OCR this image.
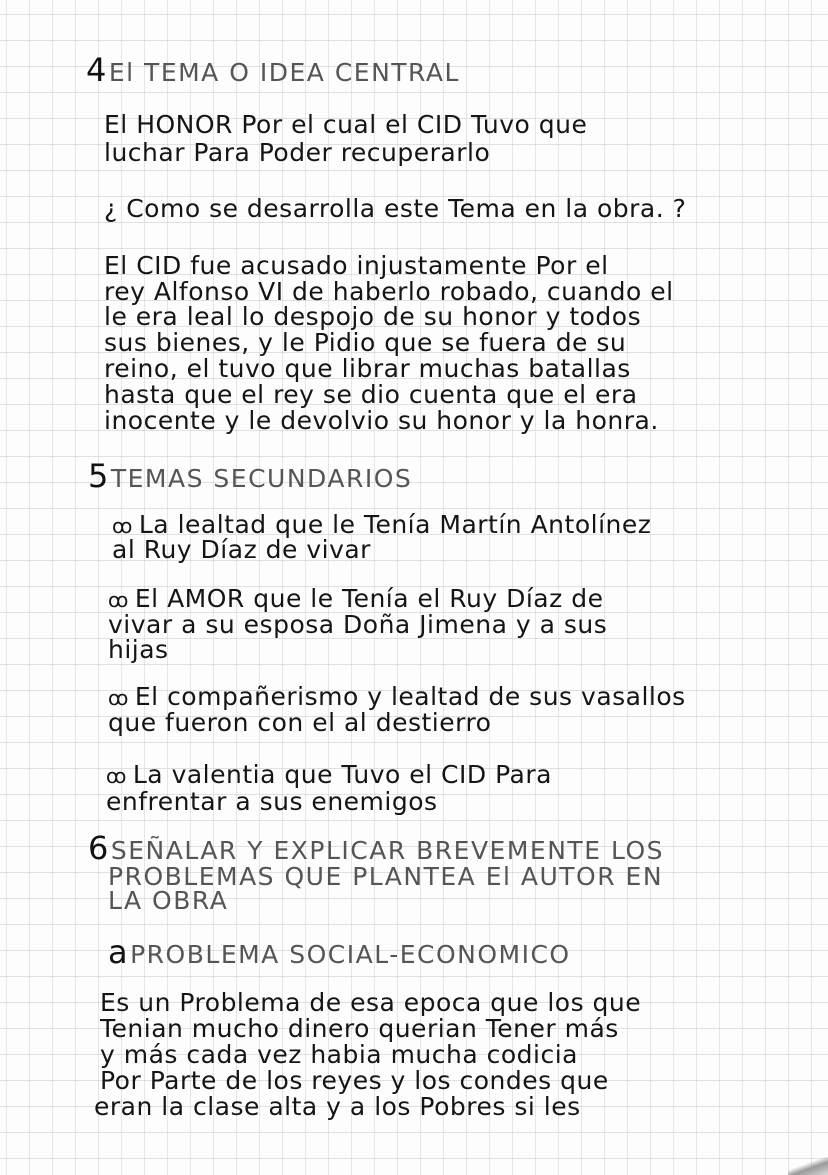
4El TEMA O IDEA CENTRAL
El HONOR Por el cual el CID Tuvo que
luchar Para Poder recuperarlo
¿ Como se desarrolla este Tema en la obra. ?
El CID fue acusado injustamente Por el
rey Alfonso VI de haberlo robado, cuando el
le era leal lo despojo de su honor y todos
sus bienes, y le Pidio que se fuera de su
reino, el tuvo que librar muchas batallas
hasta que el rey se dio cuenta que el era
inocente y le devolvio su honor y la honra.
5TEMAS SECUNDARIOS
ꝏ La lealtad que le Tenía Martín Antolínez
al Ruy Díaz de vivar
ꝏ El AMOR que le Tenía el Ruy Díaz de
vivar a su esposa Doña Jimena y a sus
hijas
ꝏ El compañerismo y lealtad de sus vasallos
que fueron con el al destierro
ꝏ La valentia que Tuvo el CID Para
enfrentar a sus enemigos
6SEÑALAR Y EXPLICAR BREVEMENTE LOS
PROBLEMAS QUE PLANTEA El AUTOR EN
LA OBRA
aPROBLEMA SOCIAL-ECONOMICO
Es un Problema de esa epoca que los que
Tenian mucho dinero querian Tener más
y más cada vez habia mucha codicia
Por Parte de los reyes y los condes que
eran la clase alta y a los Pobres si les
